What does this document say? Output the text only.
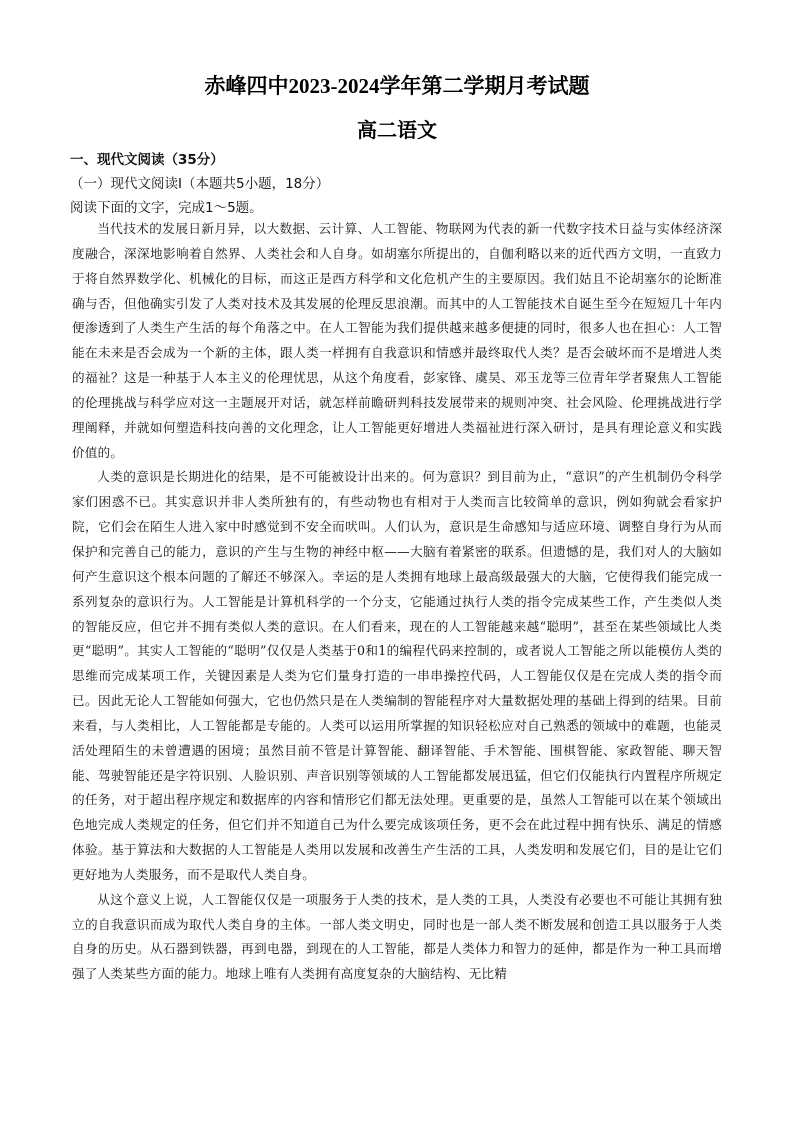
赤峰四中2023-2024学年第二学期月考试题
高二语文
一、现代文阅读（35分）
（一）现代文阅读Ⅰ（本题共5小题，18分）
阅读下面的文字，完成1～5题。

当代技术的发展日新月异，以大数据、云计算、人工智能、物联网为代表的新一代数字技术日益与实体经济深度融合，深深地影响着自然界、人类社会和人自身。如胡塞尔所提出的，自伽利略以来的近代西方文明，一直致力于将自然界数学化、机械化的目标，而这正是西方科学和文化危机产生的主要原因。我们姑且不论胡塞尔的论断准确与否，但他确实引发了人类对技术及其发展的伦理反思浪潮。而其中的人工智能技术自诞生至今在短短几十年内便渗透到了人类生产生活的每个角落之中。在人工智能为我们提供越来越多便捷的同时，很多人也在担心：人工智能在未来是否会成为一个新的主体，跟人类一样拥有自我意识和情感并最终取代人类？是否会破坏而不是增进人类的福祉？这是一种基于人本主义的伦理忧思，从这个角度看，彭家锋、虞昊、邓玉龙等三位青年学者聚焦人工智能的伦理挑战与科学应对这一主题展开对话，就怎样前瞻研判科技发展带来的规则冲突、社会风险、伦理挑战进行学理阐释，并就如何塑造科技向善的文化理念，让人工智能更好增进人类福祉进行深入研讨，是具有理论意义和实践价值的。

人类的意识是长期进化的结果，是不可能被设计出来的。何为意识？到目前为止，“意识”的产生机制仍令科学家们困惑不已。其实意识并非人类所独有的，有些动物也有相对于人类而言比较简单的意识，例如狗就会看家护院，它们会在陌生人进入家中时感觉到不安全而吠叫。人们认为，意识是生命感知与适应环境、调整自身行为从而保护和完善自己的能力，意识的产生与生物的神经中枢——大脑有着紧密的联系。但遗憾的是，我们对人的大脑如何产生意识这个根本问题的了解还不够深入。幸运的是人类拥有地球上最高级最强大的大脑，它使得我们能完成一系列复杂的意识行为。人工智能是计算机科学的一个分支，它能通过执行人类的指令完成某些工作，产生类似人类的智能反应，但它并不拥有类似人类的意识。在人们看来，现在的人工智能越来越“聪明”，甚至在某些领域比人类更“聪明”。其实人工智能的“聪明”仅仅是人类基于0和1的编程代码来控制的，或者说人工智能之所以能模仿人类的思维而完成某项工作，关键因素是人类为它们量身打造的一串串操控代码，人工智能仅仅是在完成人类的指令而已。因此无论人工智能如何强大，它也仍然只是在人类编制的智能程序对大量数据处理的基础上得到的结果。目前来看，与人类相比，人工智能都是专能的。人类可以运用所掌握的知识轻松应对自己熟悉的领域中的难题，也能灵活处理陌生的未曾遭遇的困境；虽然目前不管是计算智能、翻译智能、手术智能、围棋智能、家政智能、聊天智能、驾驶智能还是字符识别、人脸识别、声音识别等领域的人工智能都发展迅猛，但它们仅能执行内置程序所规定的任务，对于超出程序规定和数据库的内容和情形它们都无法处理。更重要的是，虽然人工智能可以在某个领域出色地完成人类规定的任务，但它们并不知道自己为什么要完成该项任务，更不会在此过程中拥有快乐、满足的情感体验。基于算法和大数据的人工智能是人类用以发展和改善生产生活的工具，人类发明和发展它们，目的是让它们更好地为人类服务，而不是取代人类自身。

从这个意义上说，人工智能仅仅是一项服务于人类的技术，是人类的工具，人类没有必要也不可能让其拥有独立的自我意识而成为取代人类自身的主体。一部人类文明史，同时也是一部人类不断发展和创造工具以服务于人类自身的历史。从石器到铁器，再到电器，到现在的人工智能，都是人类体力和智力的延伸，都是作为一种工具而增强了人类某些方面的能力。地球上唯有人类拥有高度复杂的大脑结构、无比精
